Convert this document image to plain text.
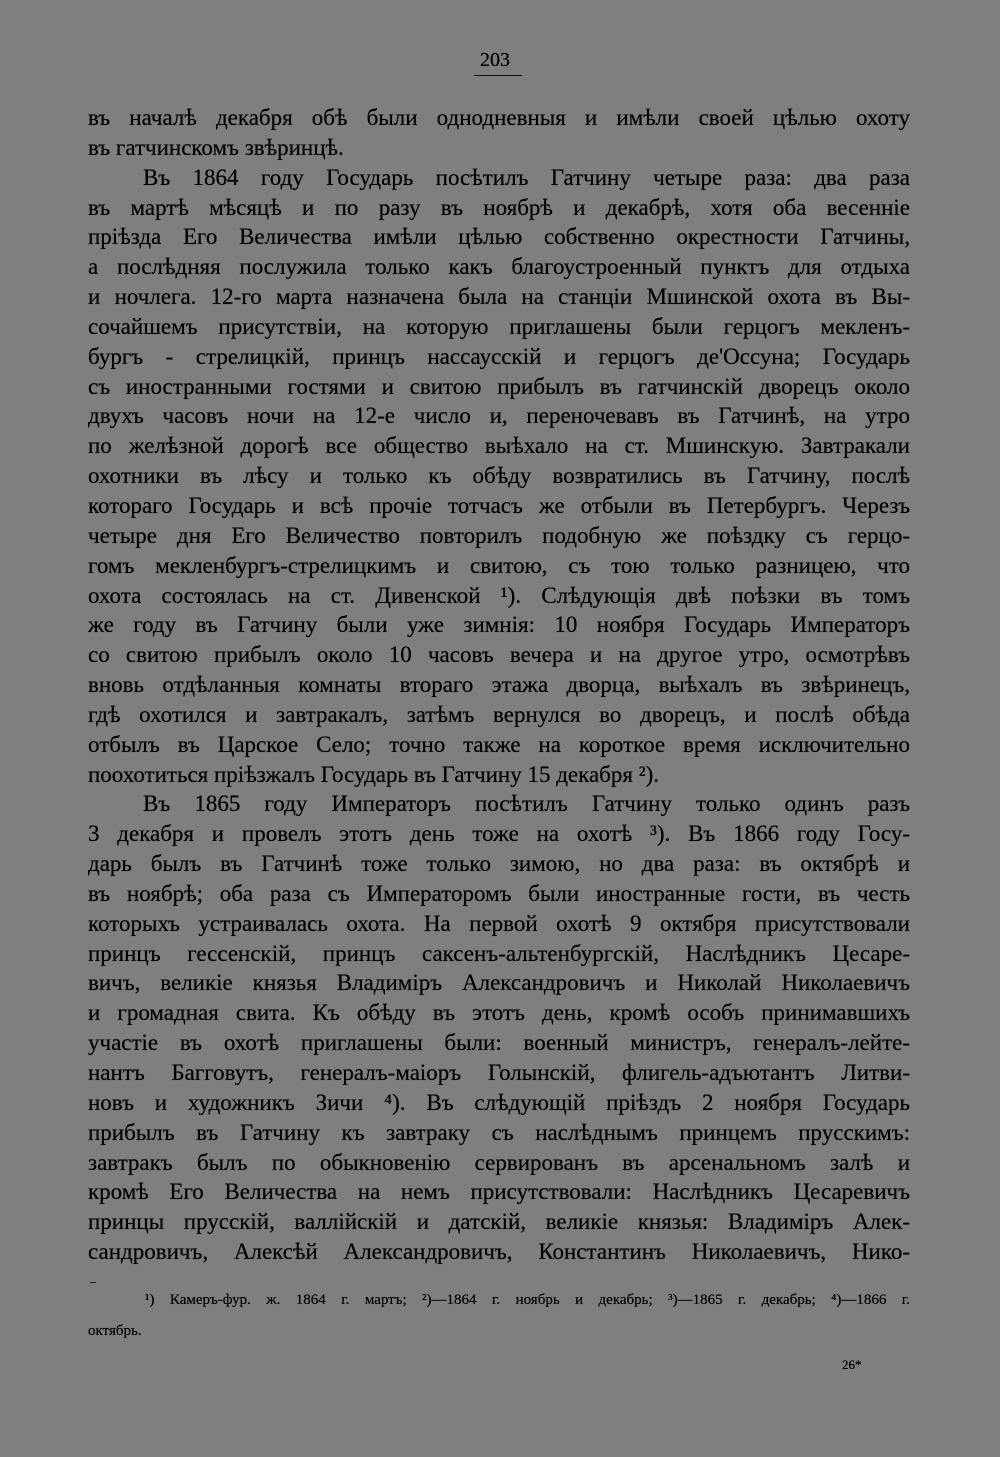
203
въ началѣ декабря обѣ были однодневныя и имѣли своей цѣлью охоту
въ гатчинскомъ звѣринцѣ.
Въ 1864 году Государь посѣтилъ Гатчину четыре раза: два раза
въ мартѣ мѣсяцѣ и по разу въ ноябрѣ и декабрѣ, хотя оба весенніе
пріѣзда Его Величества имѣли цѣлью собственно окрестности Гатчины,
а послѣдняя послужила только какъ благоустроенный пунктъ для отдыха
и ночлега. 12-го марта назначена была на станціи Мшинской охота въ Вы-
сочайшемъ присутствіи, на которую приглашены были герцогъ мекленъ-
бургъ - стрелицкій, принцъ нассаусскій и герцогъ де'Оссуна; Государь
съ иностранными гостями и свитою прибылъ въ гатчинскій дворецъ около
двухъ часовъ ночи на 12-е число и, переночевавъ въ Гатчинѣ, на утро
по желѣзной дорогѣ все общество выѣхало на ст. Мшинскую. Завтракали
охотники въ лѣсу и только къ обѣду возвратились въ Гатчину, послѣ
котораго Государь и всѣ прочіе тотчасъ же отбыли въ Петербургъ. Черезъ
четыре дня Его Величество повторилъ подобную же поѣздку съ герцо-
гомъ мекленбургъ-стрелицкимъ и свитою, съ тою только разницею, что
охота состоялась на ст. Дивенской ¹). Слѣдующія двѣ поѣзки въ томъ
же году въ Гатчину были уже зимнія: 10 ноября Государь Императоръ
со свитою прибылъ около 10 часовъ вечера и на другое утро, осмотрѣвъ
вновь отдѣланныя комнаты втораго этажа дворца, выѣхалъ въ звѣринецъ,
гдѣ охотился и завтракалъ, затѣмъ вернулся во дворецъ, и послѣ обѣда
отбылъ въ Царское Село; точно также на короткое время исключительно
поохотиться пріѣзжалъ Государь въ Гатчину 15 декабря ²).
Въ 1865 году Императоръ посѣтилъ Гатчину только одинъ разъ
3 декабря и провелъ этотъ день тоже на охотѣ ³). Въ 1866 году Госу-
дарь былъ въ Гатчинѣ тоже только зимою, но два раза: въ октябрѣ и
въ ноябрѣ; оба раза съ Императоромъ были иностранные гости, въ честь
которыхъ устраивалась охота. На первой охотѣ 9 октября присутствовали
принцъ гессенскій, принцъ саксенъ-альтенбургскій, Наслѣдникъ Цесаре-
вичъ, великіе князья Владиміръ Александровичъ и Николай Николаевичъ
и громадная свита. Къ обѣду въ этотъ день, кромѣ особъ принимавшихъ
участіе въ охотѣ приглашены были: военный министръ, генералъ-лейте-
нантъ Багговутъ, генералъ-маіоръ Голынскій, флигель-адъютантъ Литви-
новъ и художникъ Зичи ⁴). Въ слѣдующій пріѣздъ 2 ноября Государь
прибылъ въ Гатчину къ завтраку съ наслѣднымъ принцемъ прусскимъ:
завтракъ былъ по обыкновенію сервированъ въ арсенальномъ залѣ и
кромѣ Его Величества на немъ присутствовали: Наслѣдникъ Цесаревичъ
принцы прусскій, валлійскій и датскій, великіе князья: Владиміръ Алек-
сандровичъ, Алексѣй Александровичъ, Константинъ Николаевичъ, Нико-
¹) Камеръ-фур. ж. 1864 г. мартъ; ²)—1864 г. ноябрь и декабрь; ³)—1865 г. декабрь; ⁴)—1866 г.
октябрь.
26*
